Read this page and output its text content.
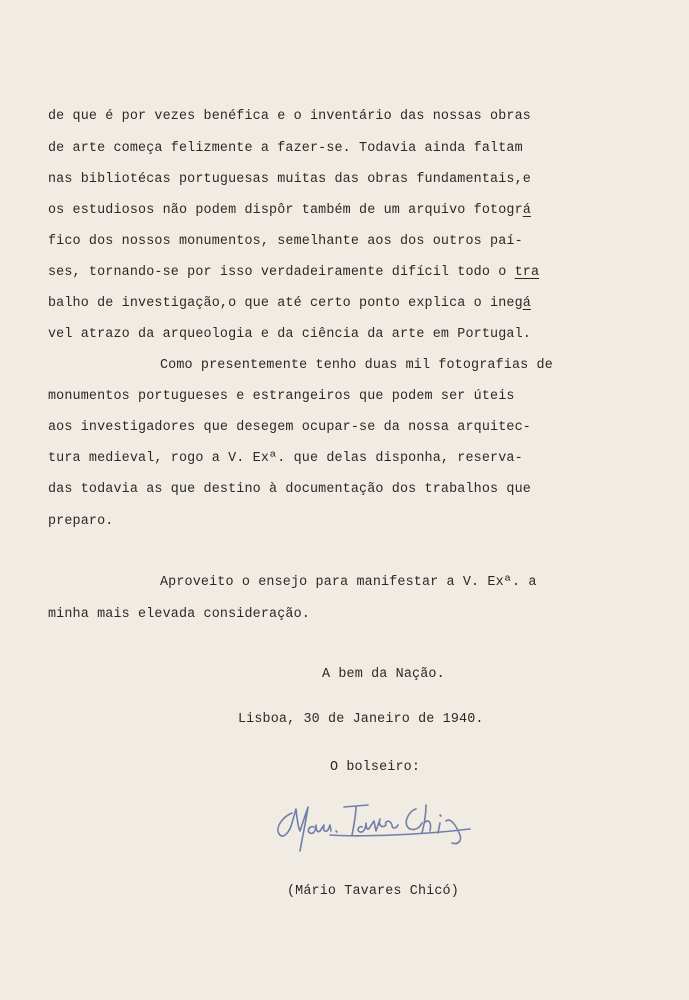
de que é por vezes benéfica e o inventário das nossas obras
de arte começa felizmente a fazer-se. Todavia ainda faltam
nas bibliotécas portuguesas muitas das obras fundamentais,e
os estudiosos não podem dispôr também de um arquivo fotográ
fico dos nossos monumentos, semelhante aos dos outros paí-
ses, tornando-se por isso verdadeiramente difícil todo o tra
balho de investigação,o que até certo ponto explica o inegá
vel atrazo da arqueologia e da ciência da arte em Portugal.
Como presentemente tenho duas mil fotografias de
monumentos portugueses e estrangeiros que podem ser úteis
aos investigadores que desegem ocupar-se da nossa arquitec-
tura medieval, rogo a V. Exª. que delas disponha, reserva-
das todavia as que destino à documentação dos trabalhos que
preparo.
Aproveito o ensejo para manifestar a V. Exª. a
minha mais elevada consideração.
A bem da Nação.
Lisboa, 30 de Janeiro de 1940.
O bolseiro:
(Mário Tavares Chicó)
